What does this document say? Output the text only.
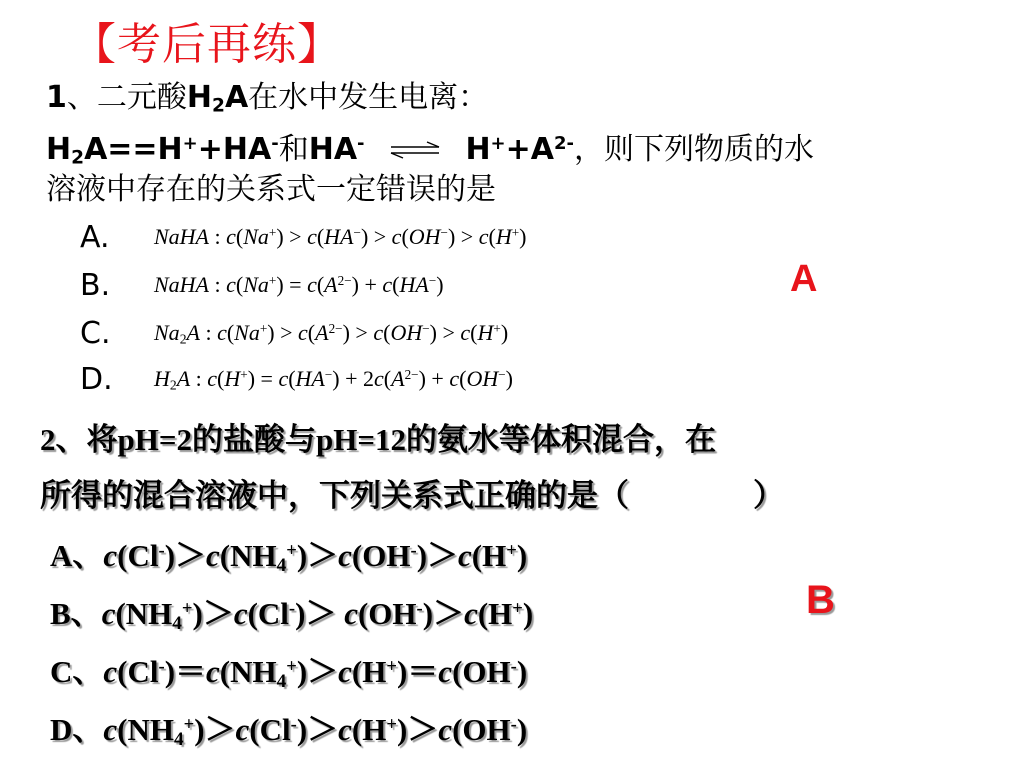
【考后再练】
1、二元酸$H_2A$在水中发生电离：
$H_2A==H^++HA^-$和HA- ⇌ $H^++A^{2-}$，则下列物质的水
溶液中存在的关系式一定错误的是
A. NaHA : c(Na+) > c(HA−) > c(OH−) > c(H+)
B. NaHA : $c(Na^+) = c(A^{2-}) + c(HA^-)$	A
C. $Na_2A$ : $c(Na^+) > c(A^{2-}) > c(OH^-) > c(H^+)$
D. $H_2A$ : $c(H^+) = c(HA^-) + 2c(A^{2-}) + c(OH^-)$
2、将pH=2的盐酸与pH=12的氨水等体积混合，在
所得的混合溶液中，下列关系式正确的是（　　　　）
A、$c(Cl^-)>c(NH_4^+)>c(OH^-)>c(H^+)$
B、$c(NH_4^+)>c(Cl^-)> c(OH^-)>c(H^+)$	B
C、$c(Cl^-)=c(NH_4^+)>c(H^+)=c(OH^-)$
D、$c(NH_4^+)>c(Cl^-)>c(H^+)>c(OH^-)$
